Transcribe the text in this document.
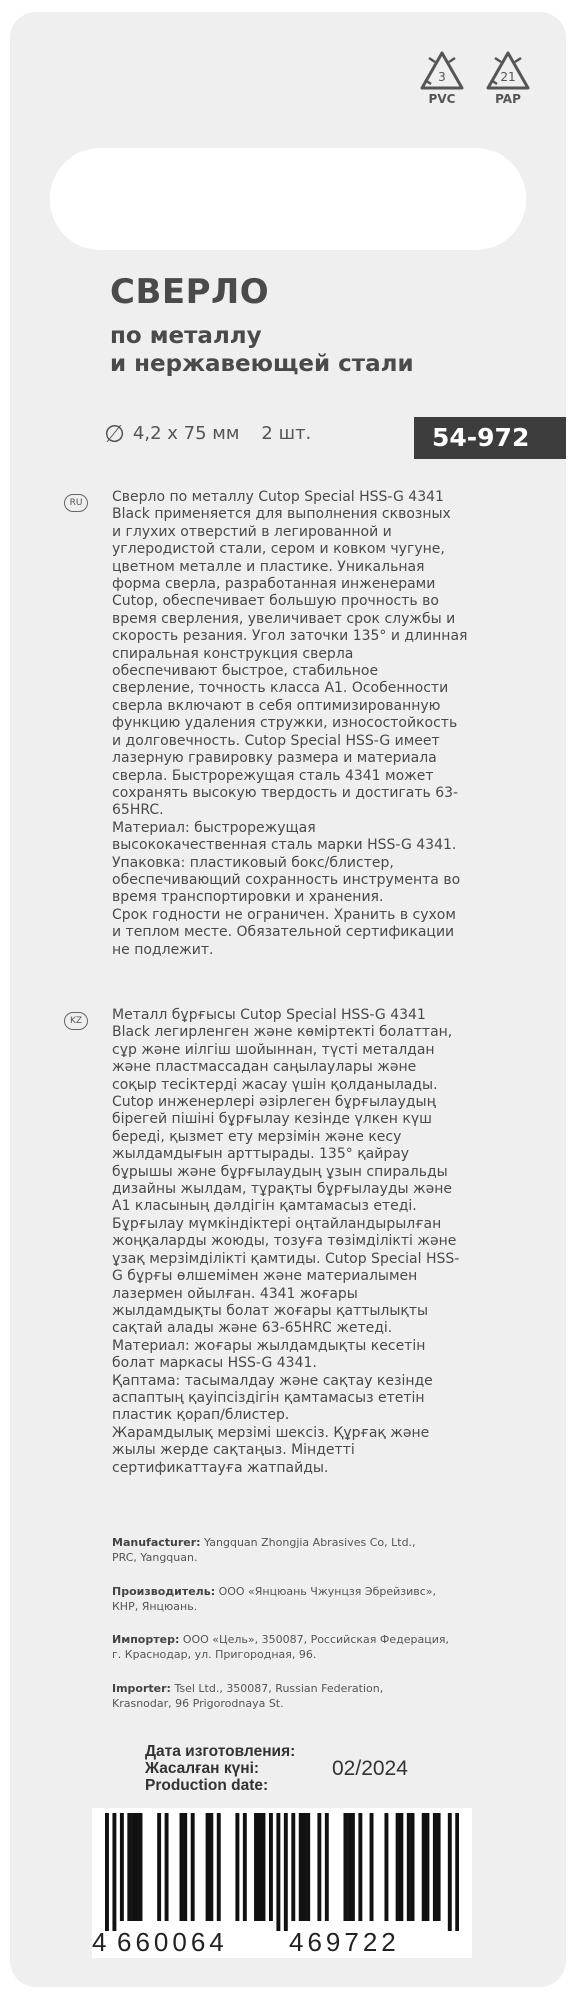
3
PVC
21
PAP
СВЕРЛО
по металлу
и нержавеющей стали
∅ 4,2 х 75 мм 2 шт.	54-972
RU	Сверло по металлу Cutop Special HSS-G 4341

Black применяется для выполнения сквозных

и глухих отверстий в легированной и

углеродистой стали, сером и ковком чугуне,

цветном металле и пластике. Уникальная

форма сверла, разработанная инженерами

Cutop, обеспечивает большую прочность во

время сверления, увеличивает срок службы и

скорость резания. Угол заточки 135° и длинная

спиральная конструкция сверла

обеспечивают быстрое, стабильное

сверление, точность класса А1. Особенности

сверла включают в себя оптимизированную

функцию удаления стружки, износостойкость

и долговечность. Cutop Special HSS-G имеет

лазерную гравировку размера и материала

сверла. Быстрорежущая сталь 4341 может

сохранять высокую твердость и достигать 63-

65HRC.

Материал: быстрорежущая

высококачественная сталь марки HSS-G 4341.

Упаковка: пластиковый бокс/блистер,

обеспечивающий сохранность инструмента во

время транспортировки и хранения.

Срок годности не ограничен. Хранить в сухом

и теплом месте. Обязательной сертификации

не подлежит.

KZ	Металл бұрғысы Cutop Special HSS-G 4341

Black легирленген және көміртекті болаттан,

сұр және иілгіш шойыннан, түсті металдан

және пластмассадан саңылаулары және

соқыр тесіктерді жасау үшін қолданылады.

Cutop инженерлері әзірлеген бұрғылаудың

бірегей пішіні бұрғылау кезінде үлкен күш

береді, қызмет ету мерзімін және кесу

жылдамдығын арттырады. 135° қайрау

бұрышы және бұрғылаудың ұзын спиральды

дизайны жылдам, тұрақты бұрғылауды және

А1 класының дәлдігін қамтамасыз етеді.

Бұрғылау мүмкіндіктері оңтайландырылған

жоңқаларды жоюды, тозуға төзімділікті және

ұзақ мерзімділікті қамтиды. Cutop Special HSS-

G бұрғы өлшемімен және материалымен

лазермен ойылған. 4341 жоғары

жылдамдықты болат жоғары қаттылықты

сақтай алады және 63-65HRC жетеді.

Материал: жоғары жылдамдықты кесетін

болат маркасы HSS-G 4341.

Қаптама: тасымалдау және сақтау кезінде

аспаптың қауіпсіздігін қамтамасыз ететін

пластик қорап/блистер.

Жарамдылық мерзімі шексіз. Құрғақ және

жылы жерде сақтаңыз. Міндетті

сертификаттауға жатпайды.

Manufacturer: Yangquan Zhongjia Abrasives Co, Ltd.,
PRC, Yangquan.
Производитель: ООО «Янцюань Чжунцзя Эбрейзивс»,
КНР, Янцюань.
Импортер: ООО «Цель», 350087, Российская Федерация,
г. Краснодар, ул. Пригородная, 96.
Importer: Tsel Ltd., 350087, Russian Federation,
Krasnodar, 96 Prigorodnaya St.
Дата изготовления:
Жасалған күні:
Production date:
02/2024
4 660064 469722
